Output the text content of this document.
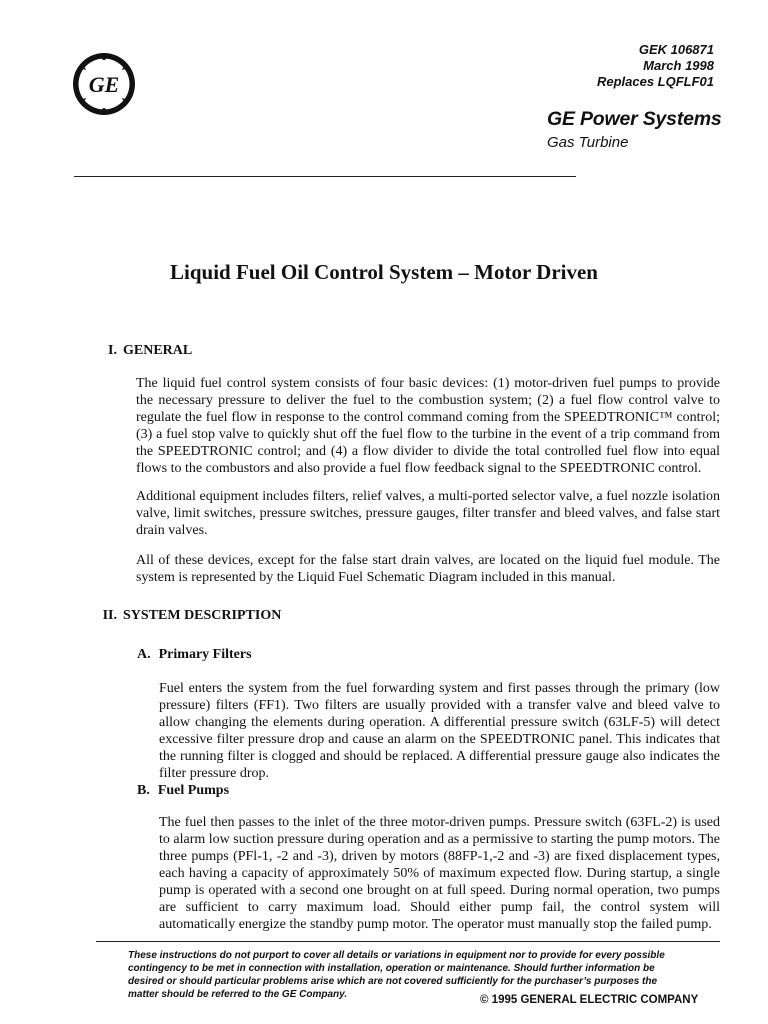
GE
GEK 106871
March 1998
Replaces LQFLF01
GE Power Systems
Gas Turbine
Liquid Fuel Oil Control System – Motor Driven
I. GENERAL
The liquid fuel control system consists of four basic devices: (1) motor-driven fuel pumps to provide the necessary pressure to deliver the fuel to the combustion system; (2) a fuel flow control valve to regulate the fuel flow in response to the control command coming from the SPEEDTRONIC™ control; (3) a fuel stop valve to quickly shut off the fuel flow to the turbine in the event of a trip command from the SPEEDTRONIC control; and (4) a flow divider to divide the total controlled fuel flow into equal flows to the combustors and also provide a fuel flow feedback signal to the SPEEDTRONIC control.
Additional equipment includes filters, relief valves, a multi-ported selector valve, a fuel nozzle isolation valve, limit switches, pressure switches, pressure gauges, filter transfer and bleed valves, and false start drain valves.
All of these devices, except for the false start drain valves, are located on the liquid fuel module. The system is represented by the Liquid Fuel Schematic Diagram included in this manual.
II. SYSTEM DESCRIPTION
A. Primary Filters
Fuel enters the system from the fuel forwarding system and first passes through the primary (low pressure) filters (FF1). Two filters are usually provided with a transfer valve and bleed valve to allow changing the elements during operation. A differential pressure switch (63LF-5) will detect excessive filter pressure drop and cause an alarm on the SPEEDTRONIC panel. This indicates that the running filter is clogged and should be replaced. A differential pressure gauge also indicates the filter pressure drop.
B. Fuel Pumps
The fuel then passes to the inlet of the three motor-driven pumps. Pressure switch (63FL-2) is used to alarm low suction pressure during operation and as a permissive to starting the pump motors. The three pumps (PFl-1, -2 and -3), driven by motors (88FP-1,-2 and -3) are fixed displacement types, each having a capacity of approximately 50% of maximum expected flow. During startup, a single pump is operated with a second one brought on at full speed. During normal operation, two pumps are sufficient to carry maximum load. Should either pump fail, the control system will automatically energize the standby pump motor. The operator must manually stop the failed pump.
These instructions do not purport to cover all details or variations in equipment nor to provide for every possible contingency to be met in connection with installation, operation or maintenance. Should further information be desired or should particular problems arise which are not covered sufficiently for the purchaser’s purposes the matter should be referred to the GE Company.	© 1995 GENERAL ELECTRIC COMPANY
